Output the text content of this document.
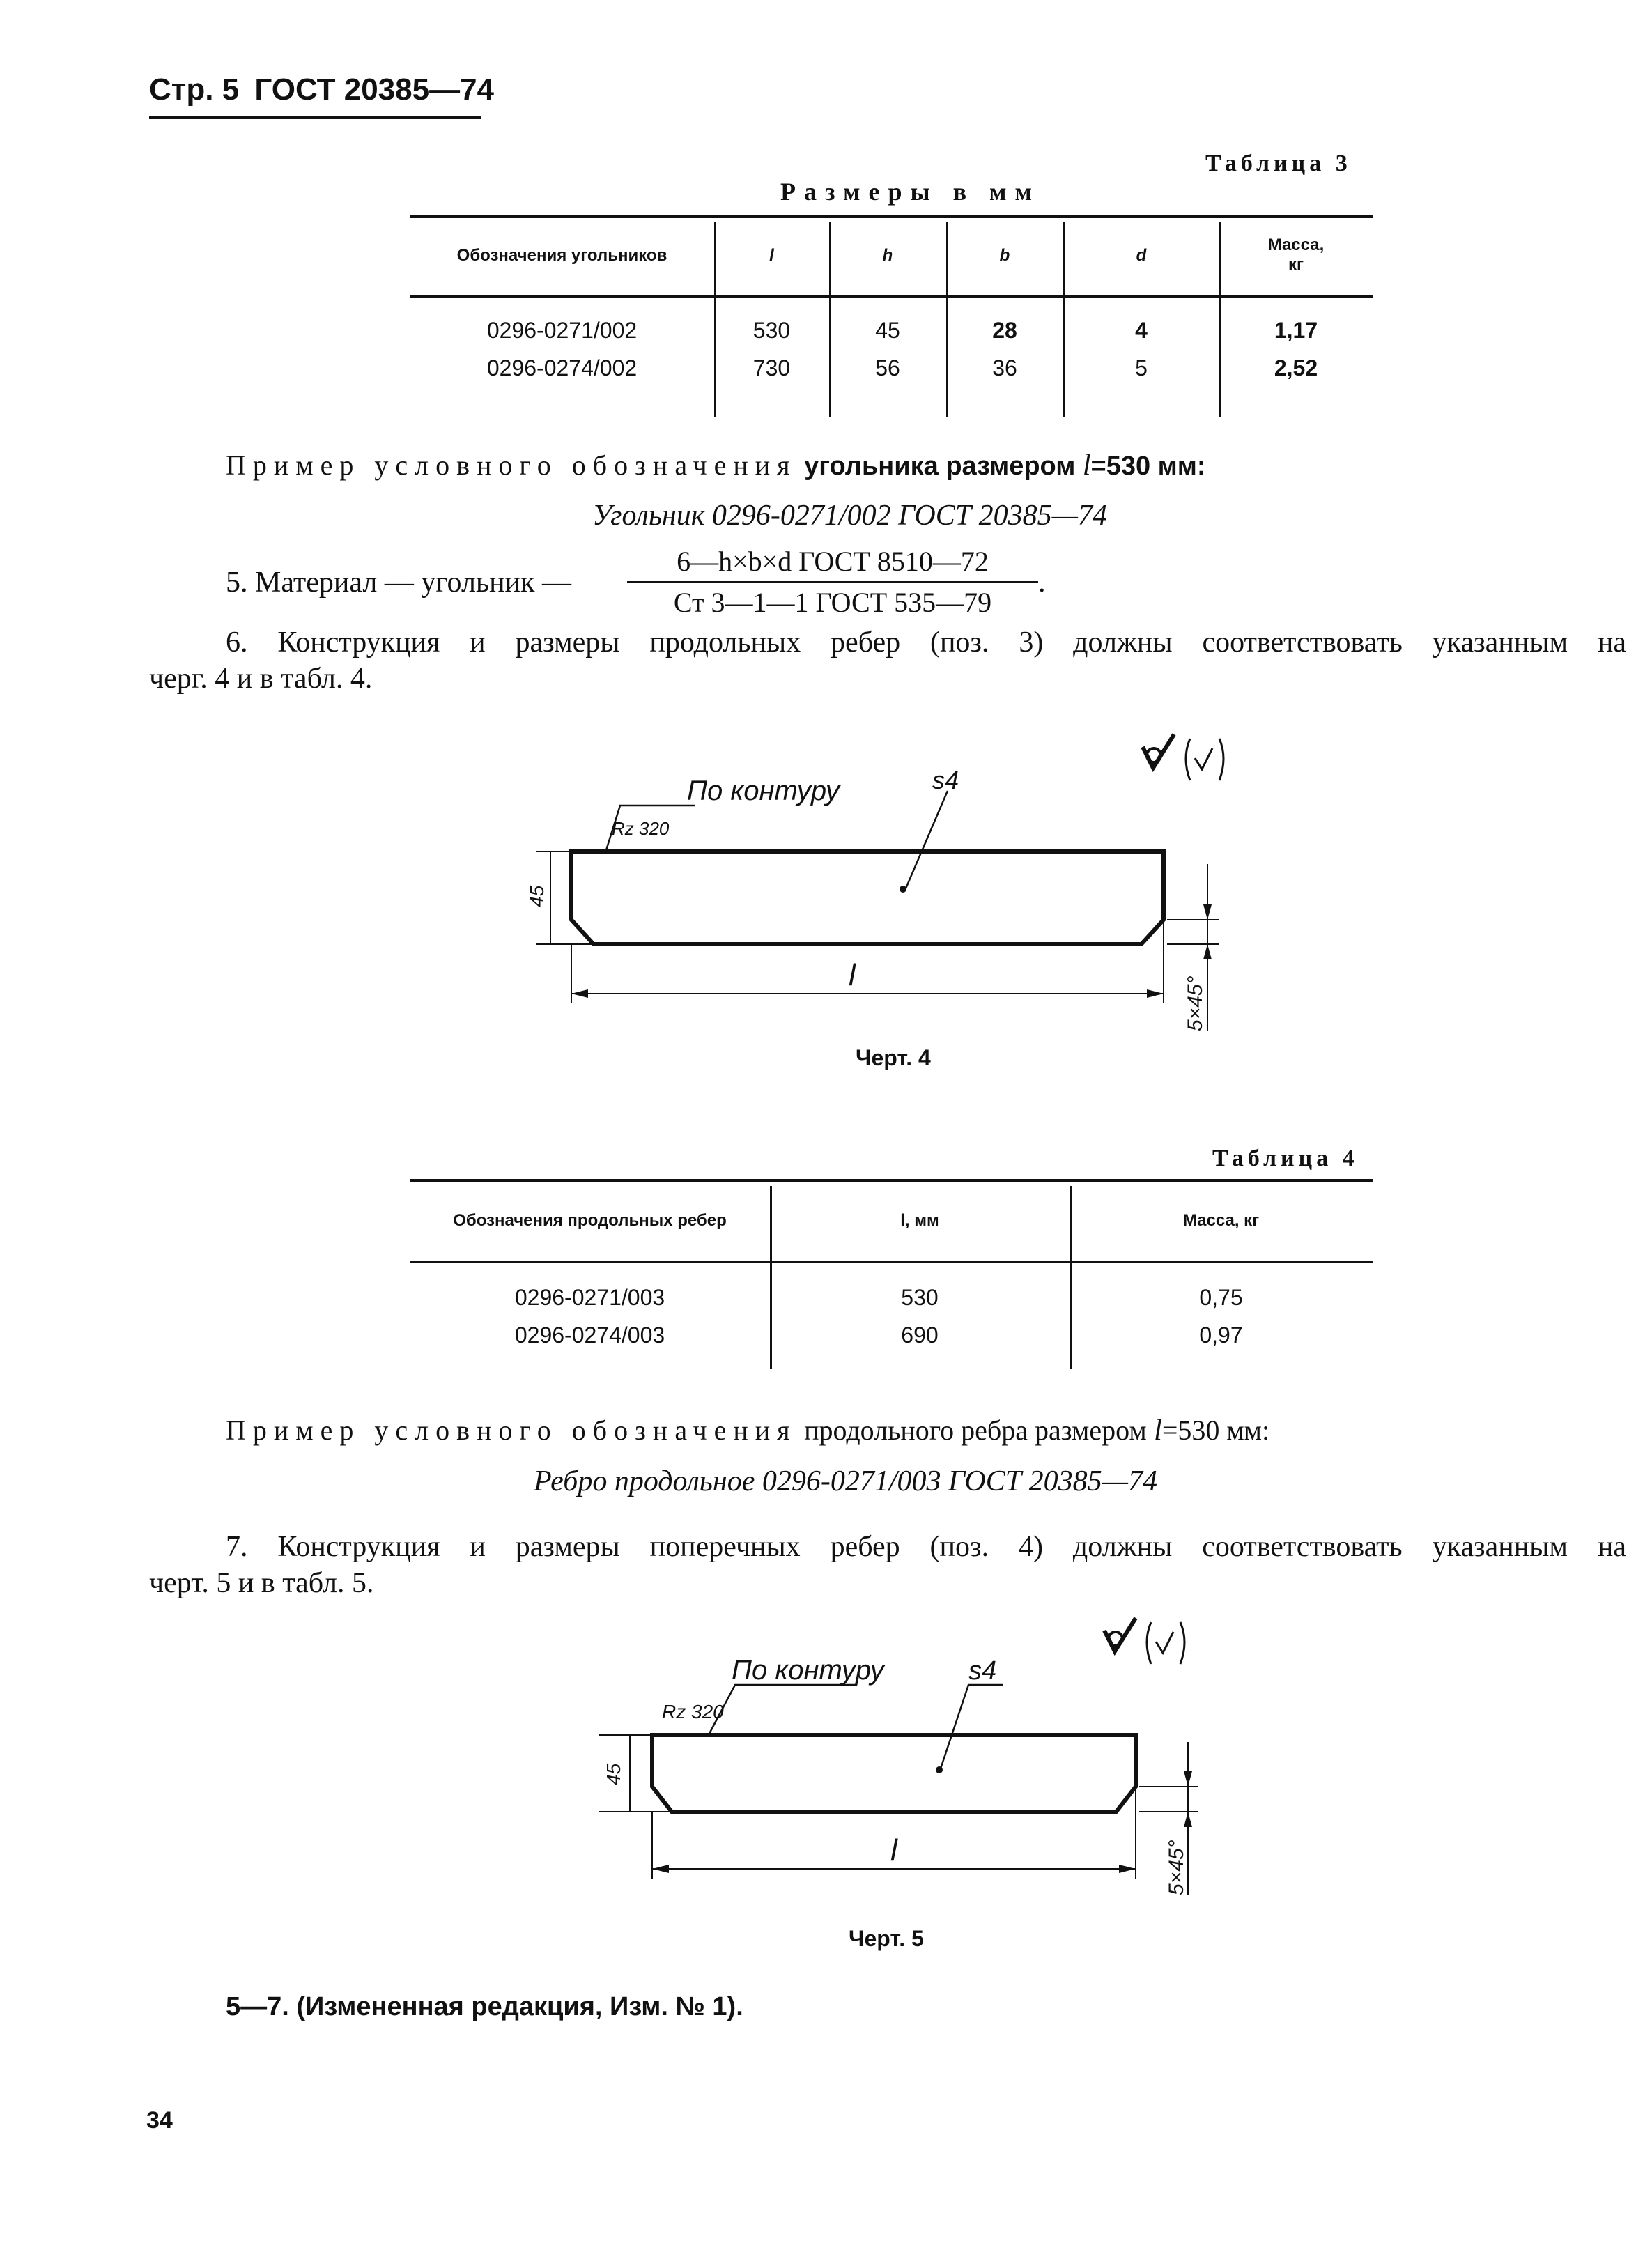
Стр. 5 ГОСТ 20385—74
Таблица 3
Размеры в мм
Обозначения угольников	l	h	b	d
Масса,
кг
0296-0271/002	530	45	28	4	1,17
0296-0274/002	730	56	36	5	2,52
Пример условного обозначения угольника размером l=530 мм:
Угольник 0296-0271/002 ГОСТ 20385—74
5. Материал — угольник —
6—h×b×d ГОСТ 8510—72
Ст 3—1—1 ГОСТ 535—79
.
6. Конструкция и размеры продольных ребер (поз. 3) должны соответствовать указанным на
черг. 4 и в табл. 4.
По контуру
Rz 320
s4
45
l
5×45°
Черт. 4
Таблица 4
Обозначения продольных ребер	l, мм	Масса, кг
0296-0271/003	530	0,75
0296-0274/003	690	0,97
Пример условного обозначения продольного ребра размером l=530 мм:
Ребро продольное 0296-0271/003 ГОСТ 20385—74
7. Конструкция и размеры поперечных ребер (поз. 4) должны соответствовать указанным на
черт. 5 и в табл. 5.
По контуру
Rz 320
s4
45
l	5×45°
Черт. 5
5—7. (Измененная редакция, Изм. № 1).
34
